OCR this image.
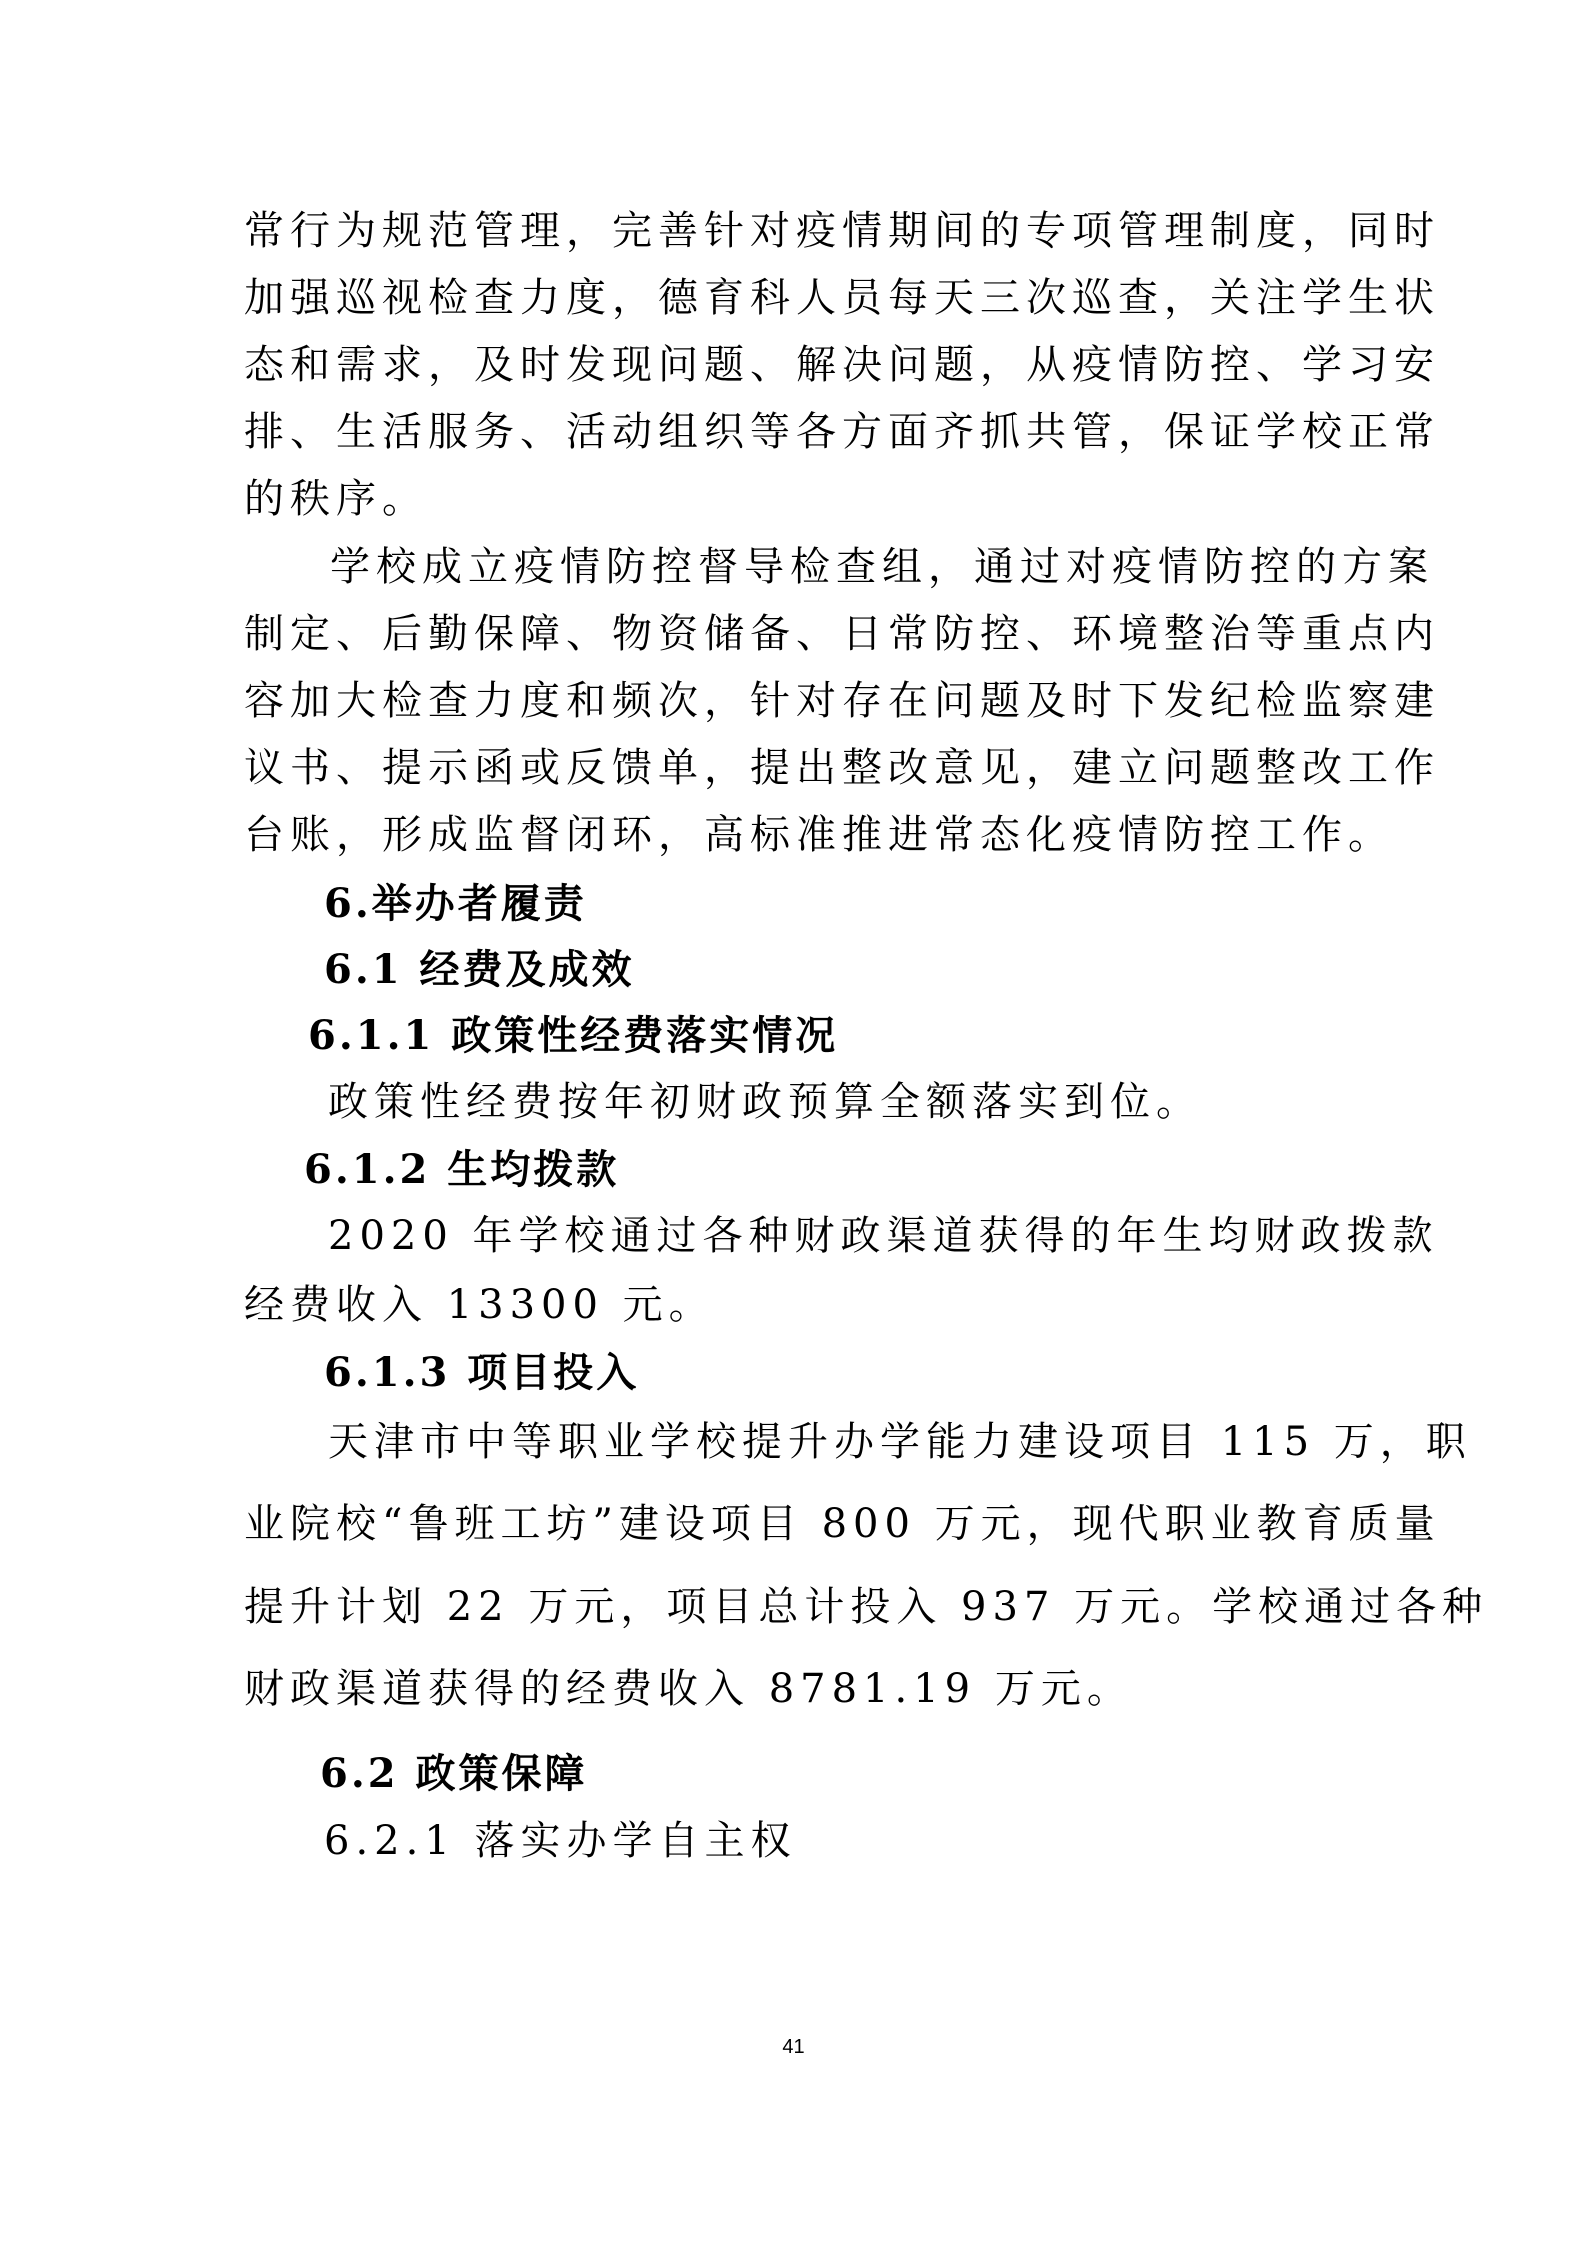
常行为规范管理，完善针对疫情期间的专项管理制度，同时
加强巡视检查力度，德育科人员每天三次巡查，关注学生状
态和需求，及时发现问题、解决问题，从疫情防控、学习安
排、生活服务、活动组织等各方面齐抓共管，保证学校正常
的秩序。
学校成立疫情防控督导检查组，通过对疫情防控的方案
制定、后勤保障、物资储备、日常防控、环境整治等重点内
容加大检查力度和频次，针对存在问题及时下发纪检监察建
议书、提示函或反馈单，提出整改意见，建立问题整改工作
台账，形成监督闭环，高标准推进常态化疫情防控工作。
6.举办者履责
6.1 经费及成效
6.1.1 政策性经费落实情况
政策性经费按年初财政预算全额落实到位。
6.1.2 生均拨款
2020 年学校通过各种财政渠道获得的年生均财政拨款
经费收入 13300 元。
6.1.3 项目投入
天津市中等职业学校提升办学能力建设项目 115 万，职
业院校“鲁班工坊”建设项目 800 万元，现代职业教育质量
提升计划 22 万元，项目总计投入 937 万元。学校通过各种
财政渠道获得的经费收入 8781.19 万元。
6.2 政策保障
6.2.1 落实办学自主权
41
